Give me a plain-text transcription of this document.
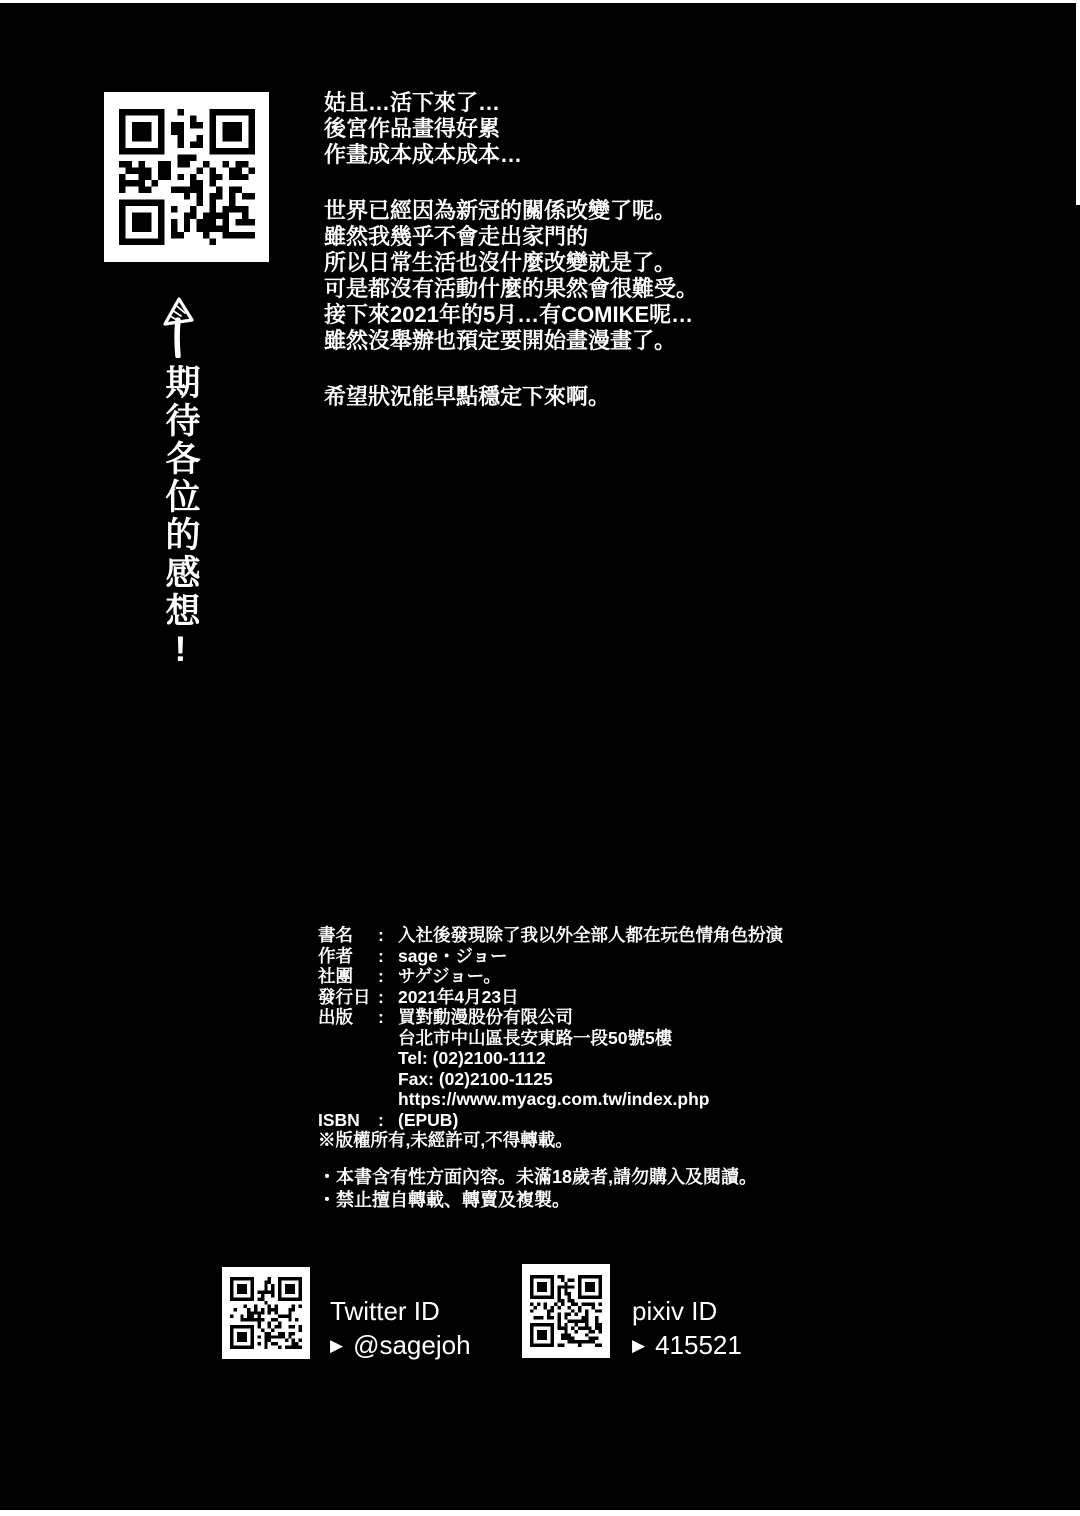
期待各位的感想!
姑且…活下來了…
後宮作品畫得好累
作畫成本成本成本…
世界已經因為新冠的關係改變了呢。
雖然我幾乎不會走出家門的
所以日常生活也沒什麼改變就是了。
可是都沒有活動什麼的果然會很難受。
接下來2021年的5月…有COMIKE呢…
雖然沒舉辦也預定要開始畫漫畫了。
希望狀況能早點穩定下來啊。
書名	: 入社後發現除了我以外全部人都在玩色情角色扮演
作者	: sage・ジョー
社團	: サゲジョー。
發行日 : 2021年4月23日
出版	: 買對動漫股份有限公司
台北市中山區長安東路一段50號5樓
Tel: (02)2100-1112
Fax: (02)2100-1125
https://www.myacg.com.tw/index.php
ISBN	: (EPUB)
※版權所有,未經許可,不得轉載。
・本書含有性方面內容。未滿18歲者,請勿購入及閱讀。
・禁止擅自轉載、轉賣及複製。
Twitter ID
▶ @sagejoh
pixiv ID
▶ 415521
